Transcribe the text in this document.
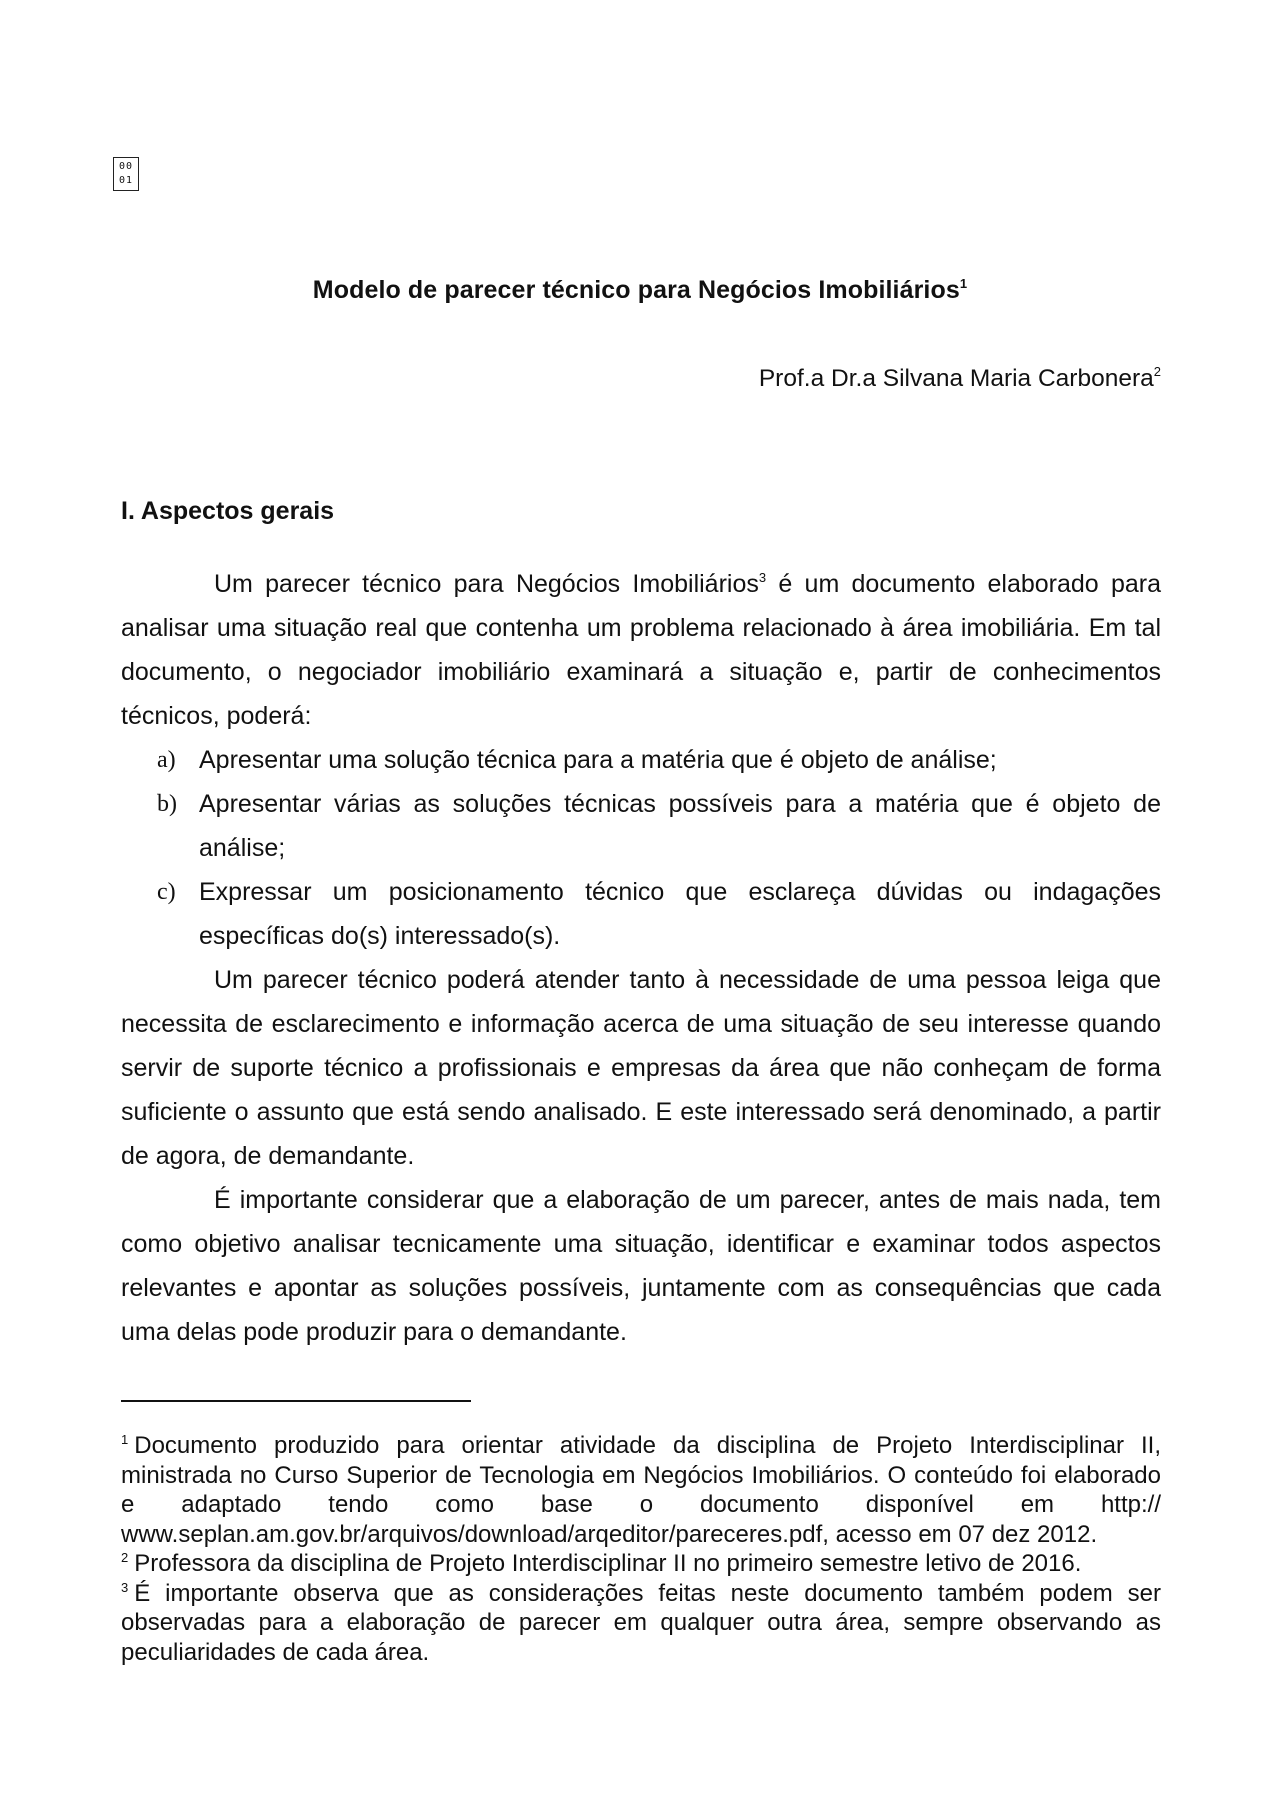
00
01
Modelo de parecer técnico para Negócios Imobiliários$^1$
Prof.a Dr.a Silvana Maria Carbonera$^2$
I. Aspectos gerais

Um parecer técnico para Negócios Imobiliários$^3$ é um documento elaborado para analisar uma situação real que contenha um problema relacionado à área imobiliária. Em tal documento, o negociador imobiliário examinará a situação e, partir de conhecimentos técnicos, poderá:

a) Apresentar uma solução técnica para a matéria que é objeto de análise;
b) Apresentar várias as soluções técnicas possíveis para a matéria que é objeto de análise;
c) Expressar um posicionamento técnico que esclareça dúvidas ou indagações específicas do(s) interessado(s).

Um parecer técnico poderá atender tanto à necessidade de uma pessoa leiga que necessita de esclarecimento e informação acerca de uma situação de seu interesse quando servir de suporte técnico a profissionais e empresas da área que não conheçam de forma suficiente o assunto que está sendo analisado. E este interessado será denominado, a partir de agora, de demandante.

É importante considerar que a elaboração de um parecer, antes de mais nada, tem como objetivo analisar tecnicamente uma situação, identificar e examinar todos aspectos relevantes e apontar as soluções possíveis, juntamente com as consequências que cada uma delas pode produzir para o demandante.

$^1$ Documento produzido para orientar atividade da disciplina de Projeto Interdisciplinar II, ministrada no Curso Superior de Tecnologia em Negócios Imobiliários. O conteúdo foi elaborado e adaptado tendo como base o documento disponível em http:// www.seplan.am.gov.br/arquivos/download/arqeditor/pareceres.pdf, acesso em 07 dez 2012.

$^2$ Professora da disciplina de Projeto Interdisciplinar II no primeiro semestre letivo de 2016.

$^3$ É importante observa que as considerações feitas neste documento também podem ser observadas para a elaboração de parecer em qualquer outra área, sempre observando as peculiaridades de cada área.
